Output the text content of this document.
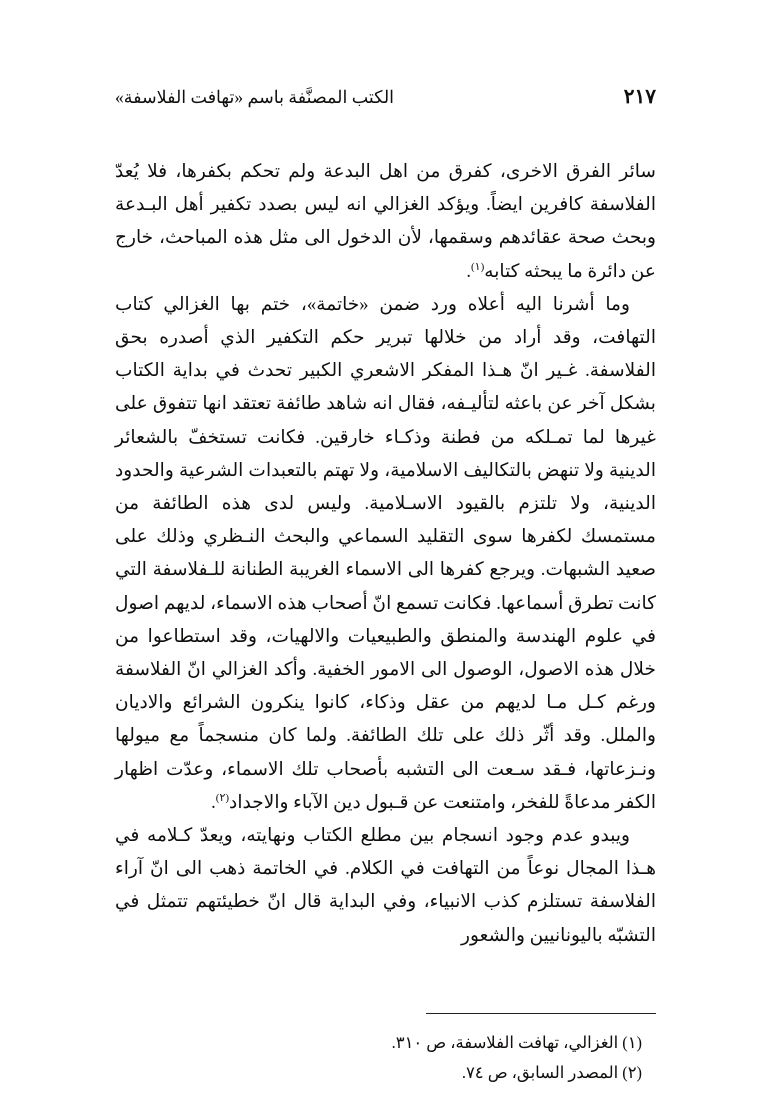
الكتب المصنَّفة باسم «تهافت الفلاسفة»	٢١٧

سائر الفرق الاخرى، كفرق من اهل البدعة ولم تحكم بكفرها، فلا يُعدّ الفلاسفة كافرين ايضاً. ويؤكد الغزالي انه ليس بصدد تكفير أهل البـدعة وبحث صحة عقائدهم وسقمها، لأن الدخول الى مثل هذه المباحث، خارج عن دائرة ما يبحثه كتابه$^{(١)}$.

وما أشرنا اليه أعلاه ورد ضمن «خاتمة»، ختم بها الغزالي كتاب التهافت، وقد أراد من خلالها تبرير حكم التكفير الذي أصدره بحق الفلاسفة. غـير انّ هـذا المفكر الاشعري الكبير تحدث في بداية الكتاب بشكل آخر عن باعثه لتأليـفه، فقال انه شاهد طائفة تعتقد انها تتفوق على غيرها لما تمـلكه من فطنة وذكـاء خارقين. فكانت تستخفّ بالشعائر الدينية ولا تنهض بالتكاليف الاسلامية، ولا تهتم بالتعبدات الشرعية والحدود الدينية، ولا تلتزم بالقيود الاسـلامية. وليس لدى هذه الطائفة من مستمسك لكفرها سوى التقليد السماعي والبحث النـظري وذلك على صعيد الشبهات. ويرجع كفرها الى الاسماء الغريبة الطنانة للـفلاسفة التي كانت تطرق أسماعها. فكانت تسمع انّ أصحاب هذه الاسماء، لديهم اصول في علوم الهندسة والمنطق والطبيعيات والالهيات، وقد استطاعوا من خلال هذه الاصول، الوصول الى الامور الخفية. وأكد الغزالي انّ الفلاسفة ورغم كـل مـا لديهم من عقل وذكاء، كانوا ينكرون الشرائع والاديان والملل. وقد أثّر ذلك على تلك الطائفة. ولما كان منسجماً مع ميولها ونـزعاتها، فـقد سـعت الى التشبه بأصحاب تلك الاسماء، وعدّت اظهار الكفر مدعاةً للفخر، وامتنعت عن قـبول دين الآباء والاجداد$^{(٢)}$.

ويبدو عدم وجود انسجام بين مطلع الكتاب ونهايته، ويعدّ كـلامه في هـذا المجال نوعاً من التهافت في الكلام. في الخاتمة ذهب الى انّ آراء الفلاسفة تستلزم كذب الانبياء، وفي البداية قال انّ خطيئتهم تتمثل في التشبّه باليونانيين والشعور

(١) الغزالي، تهافت الفلاسفة، ص ٣١٠.

(٢) المصدر السابق، ص ٧٤.
